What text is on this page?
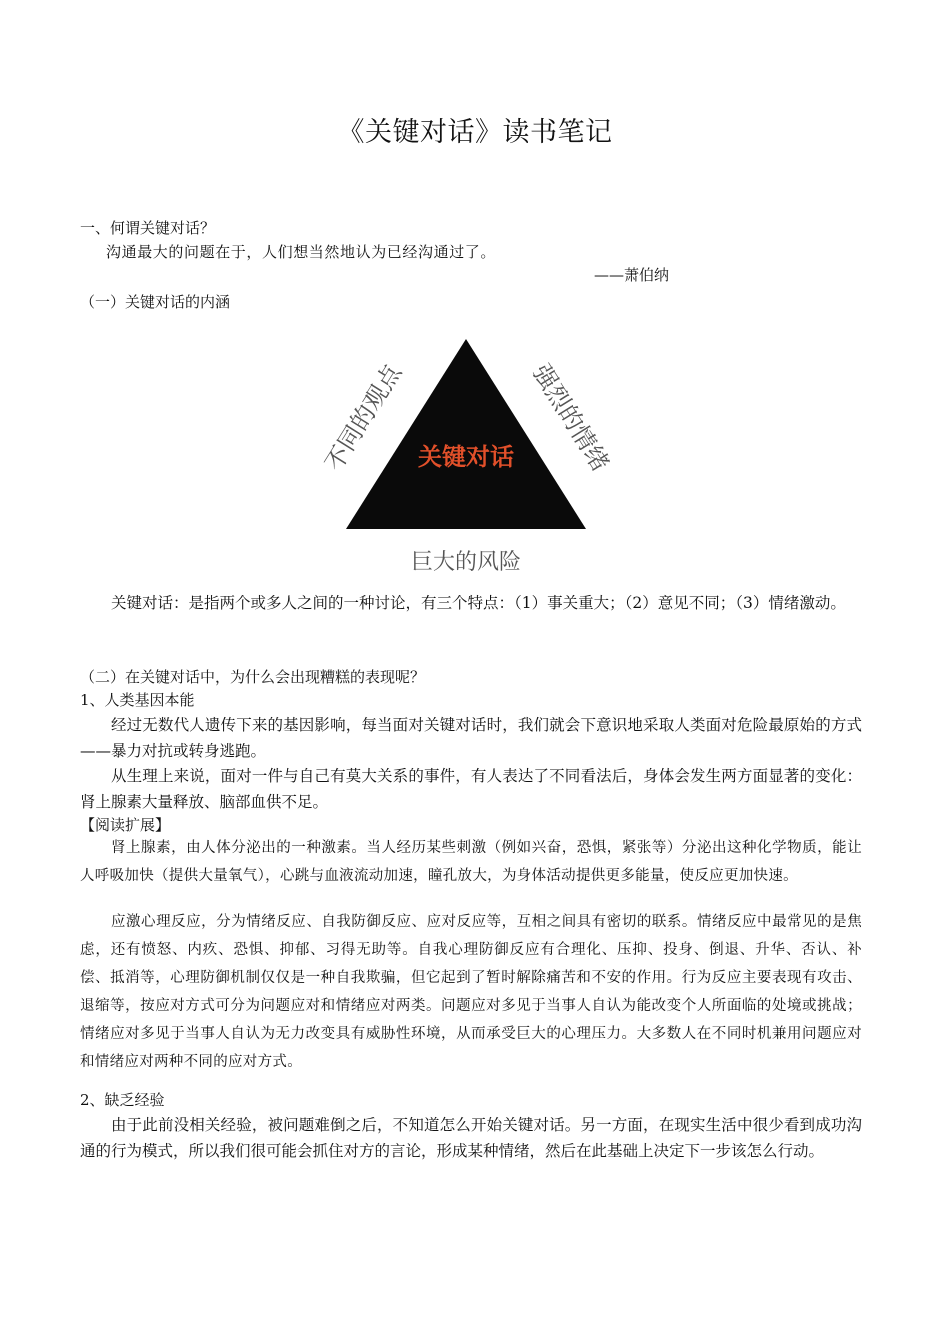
《关键对话》读书笔记
一、何谓关键对话？
沟通最大的问题在于，人们想当然地认为已经沟通过了。
——萧伯纳
（一）关键对话的内涵
关键对话
不同的观点	强烈的情绪
巨大的风险
关键对话：是指两个或多人之间的一种讨论，有三个特点：（1）事关重大；（2）意见不同；（3）情绪激动。
（二）在关键对话中，为什么会出现糟糕的表现呢？
1、人类基因本能
经过无数代人遗传下来的基因影响，每当面对关键对话时，我们就会下意识地采取人类面对危险最原始的方式——暴力对抗或转身逃跑。
从生理上来说，面对一件与自己有莫大关系的事件，有人表达了不同看法后，身体会发生两方面显著的变化：肾上腺素大量释放、脑部血供不足。
【阅读扩展】
肾上腺素，由人体分泌出的一种激素。当人经历某些刺激（例如兴奋，恐惧，紧张等）分泌出这种化学物质，能让人呼吸加快（提供大量氧气），心跳与血液流动加速，瞳孔放大，为身体活动提供更多能量，使反应更加快速。
应激心理反应，分为情绪反应、自我防御反应、应对反应等，互相之间具有密切的联系。情绪反应中最常见的是焦虑，还有愤怒、内疚、恐惧、抑郁、习得无助等。自我心理防御反应有合理化、压抑、投身、倒退、升华、否认、补偿、抵消等，心理防御机制仅仅是一种自我欺骗，但它起到了暂时解除痛苦和不安的作用。行为反应主要表现有攻击、退缩等，按应对方式可分为问题应对和情绪应对两类。问题应对多见于当事人自认为能改变个人所面临的处境或挑战；情绪应对多见于当事人自认为无力改变具有威胁性环境，从而承受巨大的心理压力。大多数人在不同时机兼用问题应对和情绪应对两种不同的应对方式。
2、缺乏经验
由于此前没相关经验，被问题难倒之后，不知道怎么开始关键对话。另一方面，在现实生活中很少看到成功沟通的行为模式，所以我们很可能会抓住对方的言论，形成某种情绪，然后在此基础上决定下一步该怎么行动。
